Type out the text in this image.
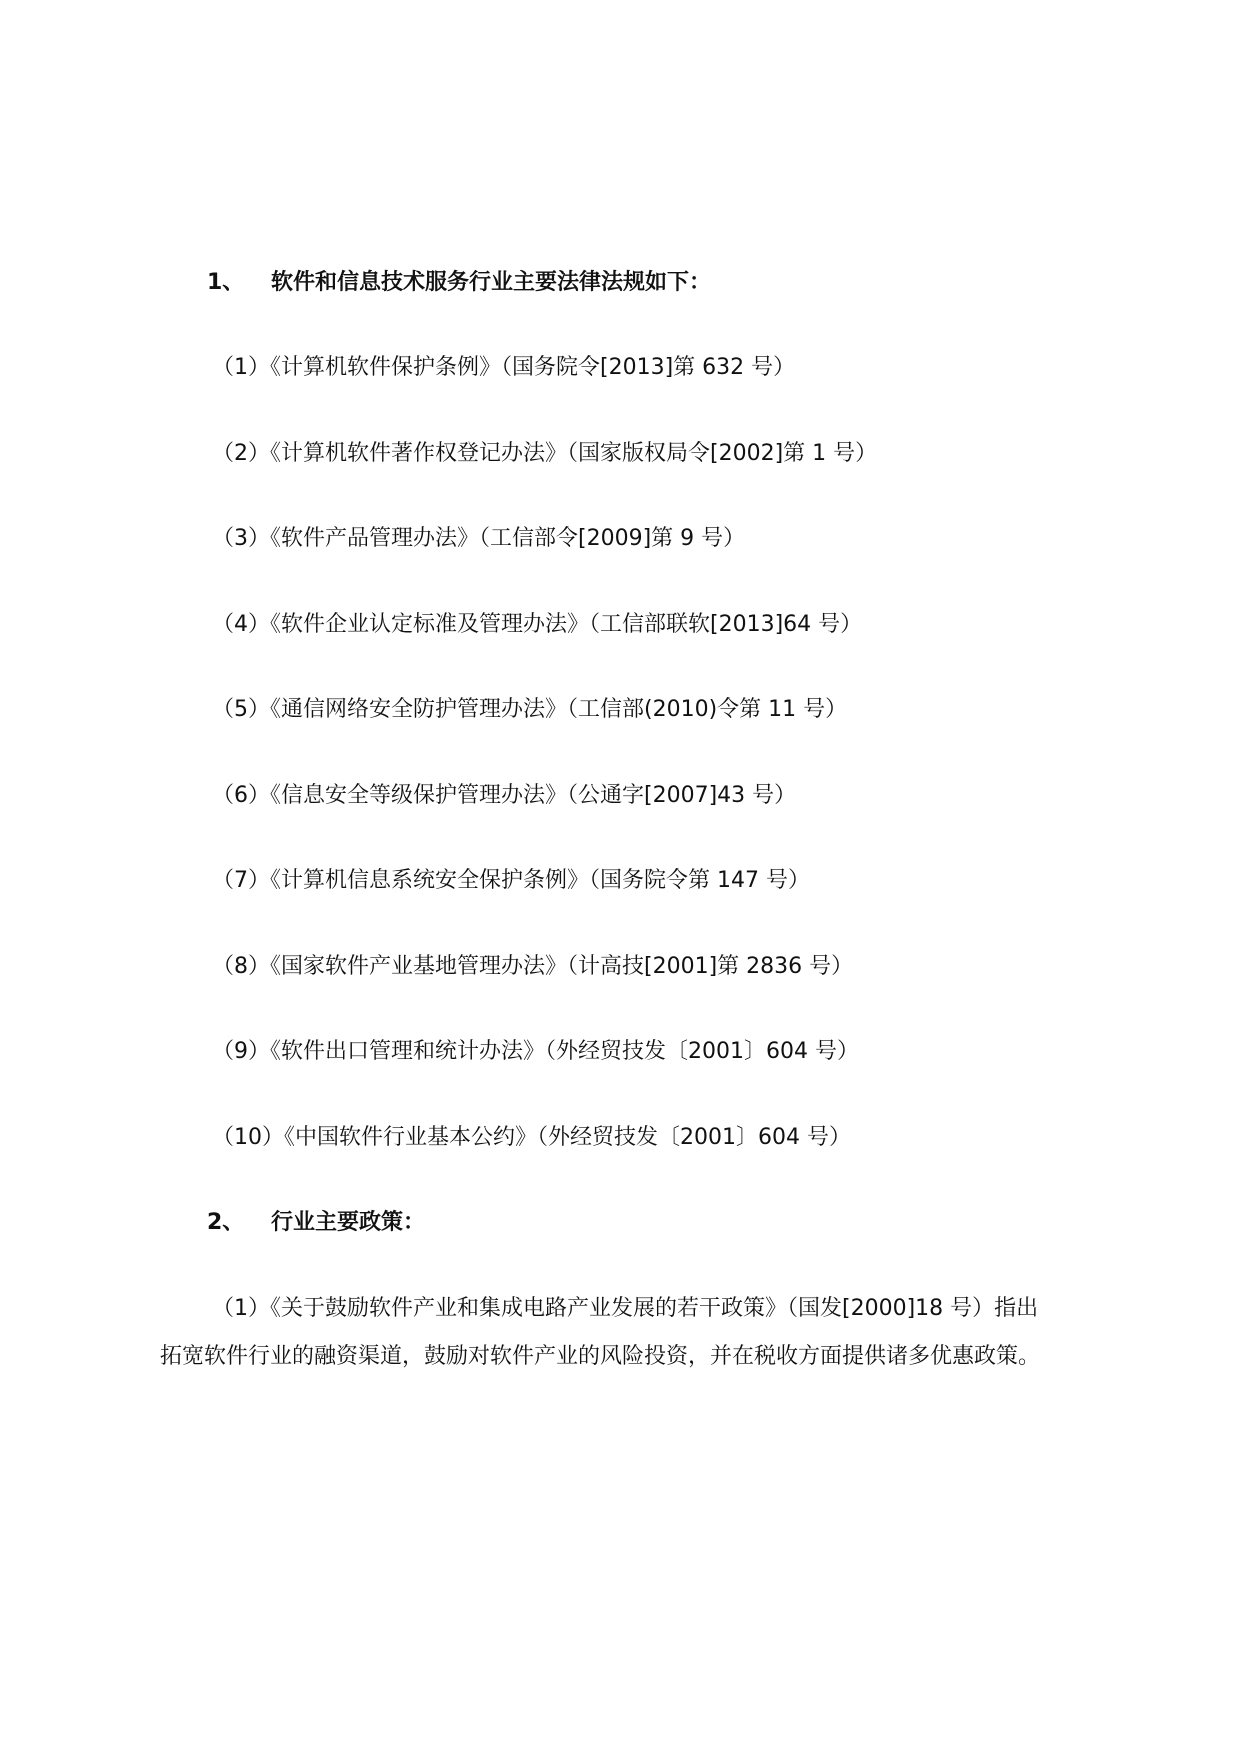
1、 软件和信息技术服务行业主要法律法规如下：
（1）《计算机软件保护条例》（国务院令[2013]第 632 号）
（2）《计算机软件著作权登记办法》（国家版权局令[2002]第 1 号）
（3）《软件产品管理办法》（工信部令[2009]第 9 号）
（4）《软件企业认定标准及管理办法》（工信部联软[2013]64 号）
（5）《通信网络安全防护管理办法》（工信部(2010)令第 11 号）
（6）《信息安全等级保护管理办法》（公通字[2007]43 号）
（7）《计算机信息系统安全保护条例》（国务院令第 147 号）
（8）《国家软件产业基地管理办法》（计高技[2001]第 2836 号）
（9）《软件出口管理和统计办法》（外经贸技发〔2001〕604 号）
（10）《中国软件行业基本公约》（外经贸技发〔2001〕604 号）
2、 行业主要政策：
（1）《关于鼓励软件产业和集成电路产业发展的若干政策》（国发[2000]18 号）指出
拓宽软件行业的融资渠道，鼓励对软件产业的风险投资，并在税收方面提供诸多优惠政策。
